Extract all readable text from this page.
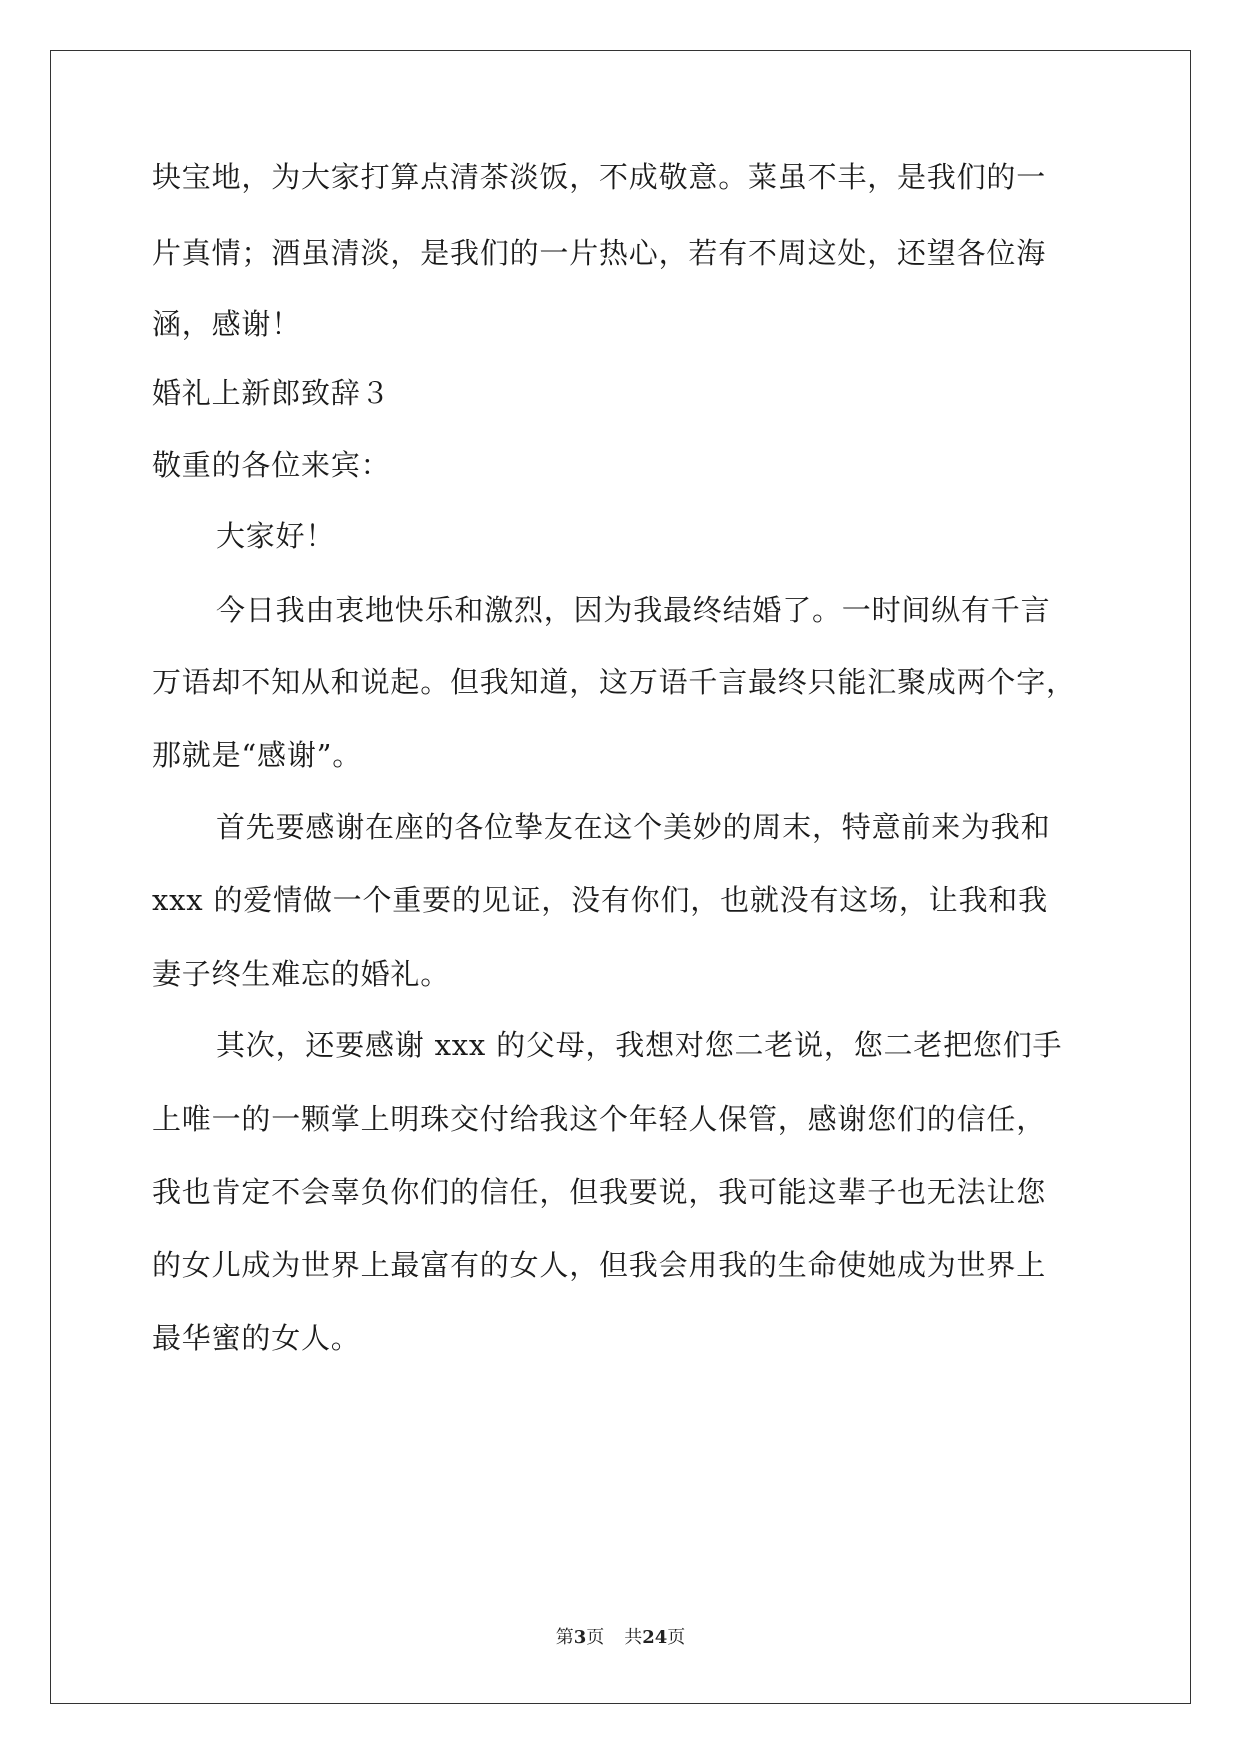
块宝地，为大家打算点清茶淡饭，不成敬意。菜虽不丰，是我们的一
片真情；酒虽清淡，是我们的一片热心，若有不周这处，还望各位海
涵，感谢！
婚礼上新郎致辞３
敬重的各位来宾：
大家好！
今日我由衷地快乐和激烈，因为我最终结婚了。一时间纵有千言
万语却不知从和说起。但我知道，这万语千言最终只能汇聚成两个字，
那就是“感谢”。
首先要感谢在座的各位挚友在这个美妙的周末，特意前来为我和
xxx 的爱情做一个重要的见证，没有你们，也就没有这场，让我和我
妻子终生难忘的婚礼。
其次，还要感谢 xxx 的父母，我想对您二老说，您二老把您们手
上唯一的一颗掌上明珠交付给我这个年轻人保管，感谢您们的信任，
我也肯定不会辜负你们的信任，但我要说，我可能这辈子也无法让您
的女儿成为世界上最富有的女人，但我会用我的生命使她成为世界上
最华蜜的女人。
第3页 共24页
